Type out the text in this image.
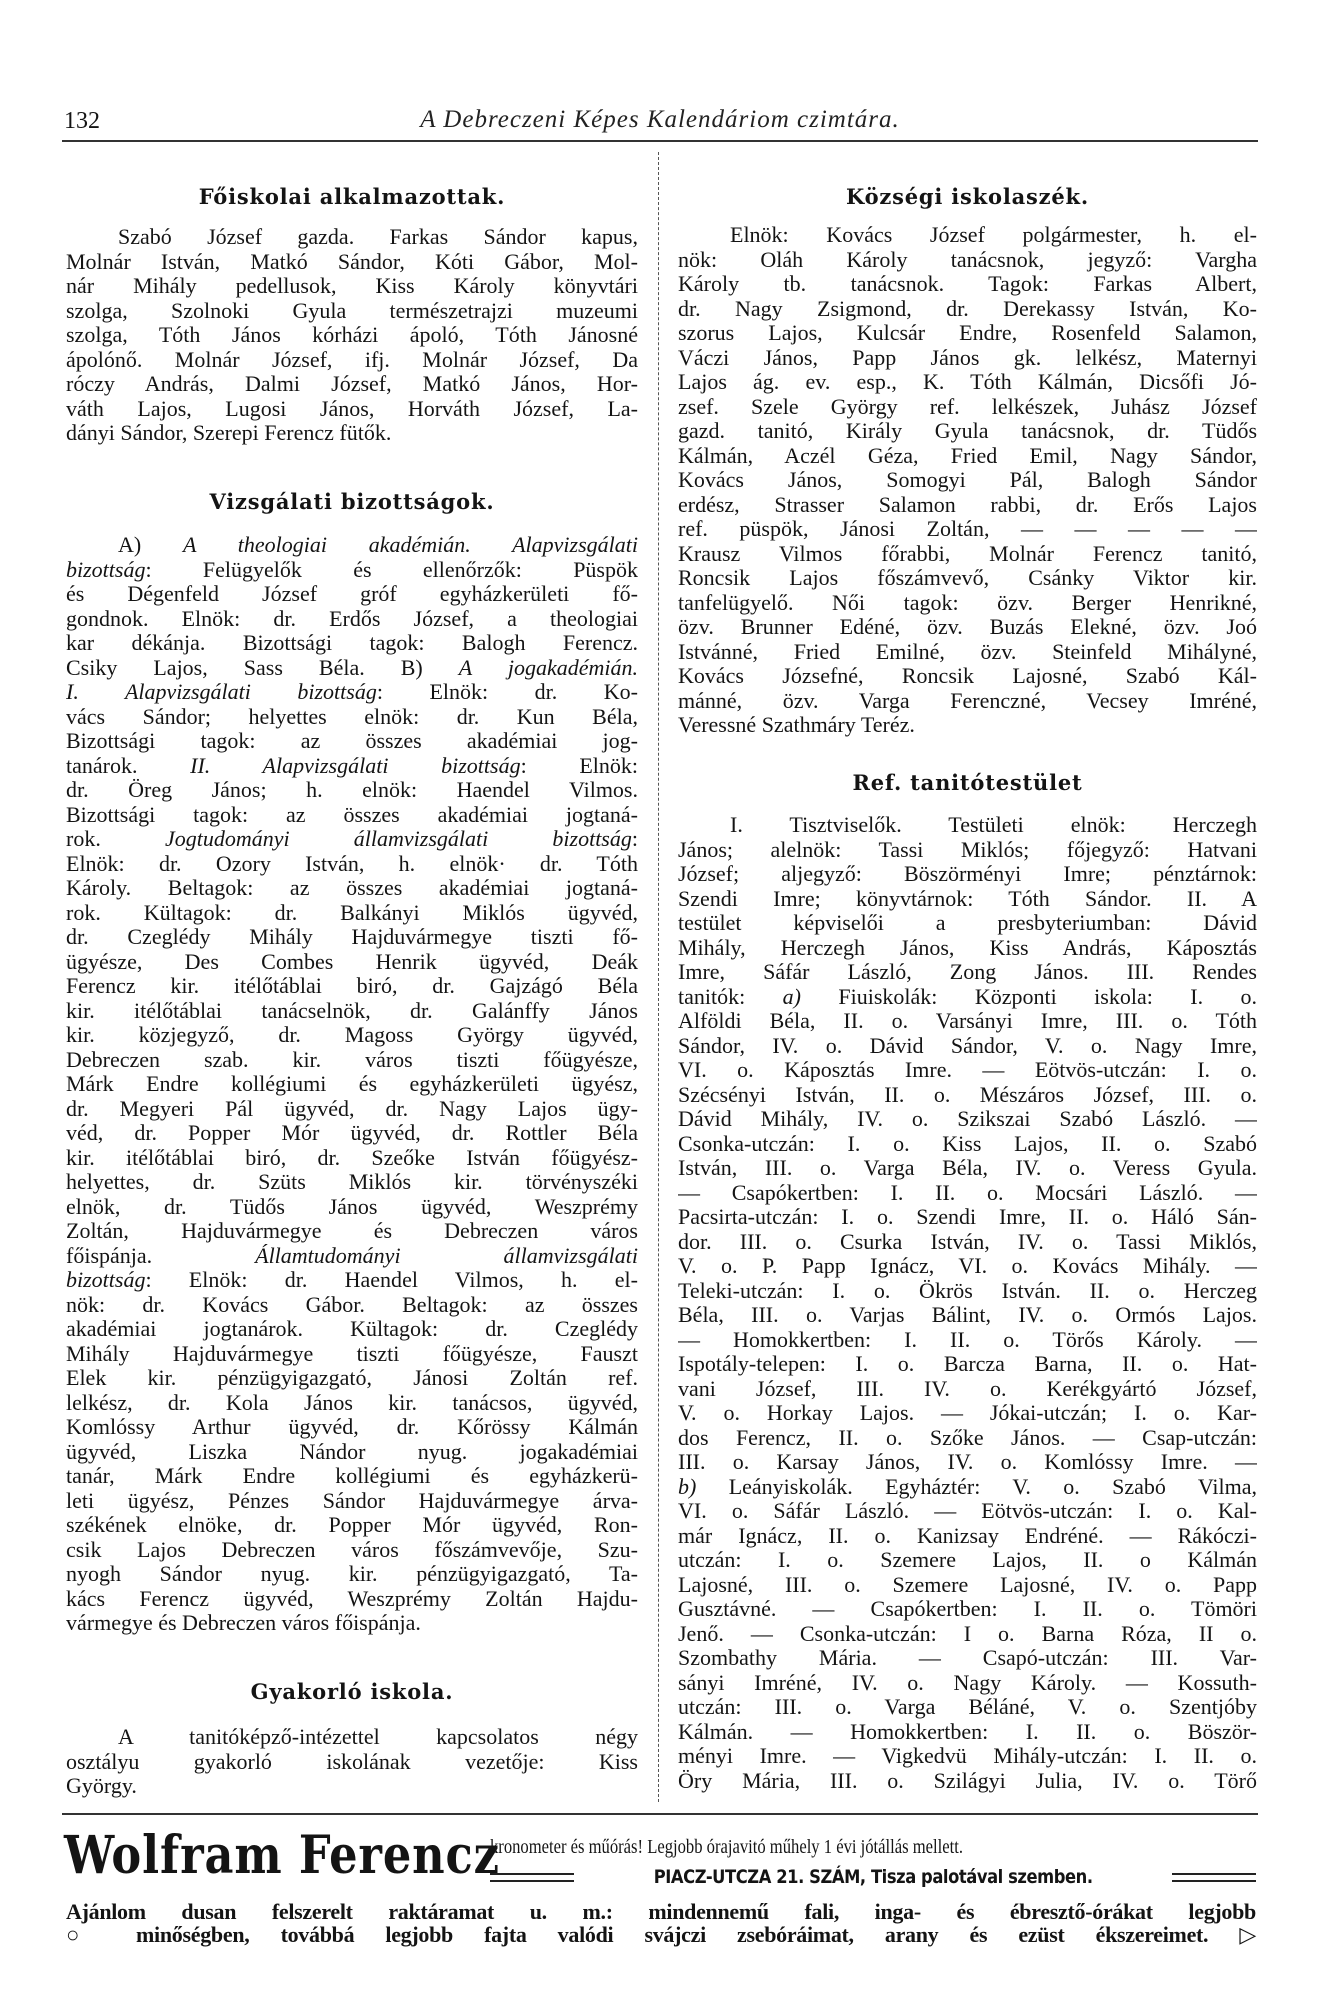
132	A Debreczeni Képes Kalendáriom czimtára.
Főiskolai alkalmazottak.
Szabó József gazda. Farkas Sándor kapus,
Molnár István, Matkó Sándor, Kóti Gábor, Mol-
nár Mihály pedellusok, Kiss Károly könyvtári
szolga, Szolnoki Gyula természetrajzi muzeumi
szolga, Tóth János kórházi ápoló, Tóth Jánosné
ápolónő. Molnár József, ifj. Molnár József, Da
róczy András, Dalmi József, Matkó János, Hor-
váth Lajos, Lugosi János, Horváth József, La-
dányi Sándor, Szerepi Ferencz fütők.
Vizsgálati bizottságok.
A) A theologiai akadémián. Alapvizsgálati
bizottság: Felügyelők és ellenőrzők: Püspök
és Dégenfeld József gróf egyházkerületi fő-
gondnok. Elnök: dr. Erdős József, a theologiai
kar dékánja. Bizottsági tagok: Balogh Ferencz.
Csiky Lajos, Sass Béla. B) A jogakadémián.
I. Alapvizsgálati bizottság: Elnök: dr. Ko-
vács Sándor; helyettes elnök: dr. Kun Béla,
Bizottsági tagok: az összes akadémiai jog-
tanárok. II. Alapvizsgálati bizottság: Elnök:
dr. Öreg János; h. elnök: Haendel Vilmos.
Bizottsági tagok: az összes akadémiai jogtaná-
rok. Jogtudományi államvizsgálati bizottság:
Elnök: dr. Ozory István, h. elnök· dr. Tóth
Károly. Beltagok: az összes akadémiai jogtaná-
rok. Kültagok: dr. Balkányi Miklós ügyvéd,
dr. Czeglédy Mihály Hajduvármegye tiszti fő-
ügyésze, Des Combes Henrik ügyvéd, Deák
Ferencz kir. itélőtáblai biró, dr. Gajzágó Béla
kir. itélőtáblai tanácselnök, dr. Galánffy János
kir. közjegyző, dr. Magoss György ügyvéd,
Debreczen szab. kir. város tiszti főügyésze,
Márk Endre kollégiumi és egyházkerületi ügyész,
dr. Megyeri Pál ügyvéd, dr. Nagy Lajos ügy-
véd, dr. Popper Mór ügyvéd, dr. Rottler Béla
kir. itélőtáblai biró, dr. Szeőke István főügyész-
helyettes, dr. Szüts Miklós kir. törvényszéki
elnök, dr. Tüdős János ügyvéd, Weszprémy
Zoltán, Hajduvármegye és Debreczen város
főispánja. Államtudományi államvizsgálati
bizottság: Elnök: dr. Haendel Vilmos, h. el-
nök: dr. Kovács Gábor. Beltagok: az összes
akadémiai jogtanárok. Kültagok: dr. Czeglédy
Mihály Hajduvármegye tiszti főügyésze, Fauszt
Elek kir. pénzügyigazgató, Jánosi Zoltán ref.
lelkész, dr. Kola János kir. tanácsos, ügyvéd,
Komlóssy Arthur ügyvéd, dr. Kőrössy Kálmán
ügyvéd, Liszka Nándor nyug. jogakadémiai
tanár, Márk Endre kollégiumi és egyházkerü-
leti ügyész, Pénzes Sándor Hajduvármegye árva-
székének elnöke, dr. Popper Mór ügyvéd, Ron-
csik Lajos Debreczen város főszámvevője, Szu-
nyogh Sándor nyug. kir. pénzügyigazgató, Ta-
kács Ferencz ügyvéd, Weszprémy Zoltán Hajdu-
vármegye és Debreczen város főispánja.
Gyakorló iskola.
A tanitóképző-intézettel kapcsolatos négy
osztályu gyakorló iskolának vezetője: Kiss
György.
Községi iskolaszék.
Elnök: Kovács József polgármester, h. el-
nök: Oláh Károly tanácsnok, jegyző: Vargha
Károly tb. tanácsnok. Tagok: Farkas Albert,
dr. Nagy Zsigmond, dr. Derekassy István, Ko-
szorus Lajos, Kulcsár Endre, Rosenfeld Salamon,
Váczi János, Papp János gk. lelkész, Maternyi
Lajos ág. ev. esp., K. Tóth Kálmán, Dicsőfi Jó-
zsef. Szele György ref. lelkészek, Juhász József
gazd. tanitó, Király Gyula tanácsnok, dr. Tüdős
Kálmán, Aczél Géza, Fried Emil, Nagy Sándor,
Kovács János, Somogyi Pál, Balogh Sándor
erdész, Strasser Salamon rabbi, dr. Erős Lajos
ref. püspök, Jánosi Zoltán, — — — — —
Krausz Vilmos főrabbi, Molnár Ferencz tanitó,
Roncsik Lajos főszámvevő, Csánky Viktor kir.
tanfelügyelő. Női tagok: özv. Berger Henrikné,
özv. Brunner Edéné, özv. Buzás Elekné, özv. Joó
Istvánné, Fried Emilné, özv. Steinfeld Mihályné,
Kovács Józsefné, Roncsik Lajosné, Szabó Kál-
mánné, özv. Varga Ferenczné, Vecsey Imréné,
Veressné Szathmáry Teréz.
Ref. tanitótestület
I. Tisztviselők. Testületi elnök: Herczegh
János; alelnök: Tassi Miklós; főjegyző: Hatvani
József; aljegyző: Böszörményi Imre; pénztárnok:
Szendi Imre; könyvtárnok: Tóth Sándor. II. A
testület képviselői a presbyteriumban: Dávid
Mihály, Herczegh János, Kiss András, Káposztás
Imre, Sáfár László, Zong János. III. Rendes
tanitók: a) Fiuiskolák: Központi iskola: I. o.
Alföldi Béla, II. o. Varsányi Imre, III. o. Tóth
Sándor, IV. o. Dávid Sándor, V. o. Nagy Imre,
VI. o. Káposztás Imre. — Eötvös-utczán: I. o.
Szécsényi István, II. o. Mészáros József, III. o.
Dávid Mihály, IV. o. Szikszai Szabó László. —
Csonka-utczán: I. o. Kiss Lajos, II. o. Szabó
István, III. o. Varga Béla, IV. o. Veress Gyula.
— Csapókertben: I. II. o. Mocsári László. —
Pacsirta-utczán: I. o. Szendi Imre, II. o. Háló Sán-
dor. III. o. Csurka István, IV. o. Tassi Miklós,
V. o. P. Papp Ignácz, VI. o. Kovács Mihály. —
Teleki-utczán: I. o. Ökrös István. II. o. Herczeg
Béla, III. o. Varjas Bálint, IV. o. Ormós Lajos.
— Homokkertben: I. II. o. Törős Károly. —
Ispotály-telepen: I. o. Barcza Barna, II. o. Hat-
vani József, III. IV. o. Kerékgyártó József,
V. o. Horkay Lajos. — Jókai-utczán; I. o. Kar-
dos Ferencz, II. o. Szőke János. — Csap-utczán:
III. o. Karsay János, IV. o. Komlóssy Imre. —
b) Leányiskolák. Egyháztér: V. o. Szabó Vilma,
VI. o. Sáfár László. — Eötvös-utczán: I. o. Kal-
már Ignácz, II. o. Kanizsay Endréné. — Rákóczi-
utczán: I. o. Szemere Lajos, II. o Kálmán
Lajosné, III. o. Szemere Lajosné, IV. o. Papp
Gusztávné. — Csapókertben: I. II. o. Tömöri
Jenő. — Csonka-utczán: I o. Barna Róza, II o.
Szombathy Mária. — Csapó-utczán: III. Var-
sányi Imréné, IV. o. Nagy Károly. — Kossuth-
utczán: III. o. Varga Béláné, V. o. Szentjóby
Kálmán. — Homokkertben: I. II. o. Böször-
ményi Imre. — Vigkedvü Mihály-utczán: I. II. o.
Öry Mária, III. o. Szilágyi Julia, IV. o. Törő
Wolfram Ferencz
kronometer és műórás! Legjobb órajavitó műhely 1 évi jótállás mellett.
PIACZ-UTCZA 21. SZÁM, Tisza palotával szemben.
Ajánlom dusan felszerelt raktáramat u. m.: mindennemű fali, inga- és ébresztő-órákat legjobb
○ minőségben, továbbá legjobb fajta valódi svájczi zsebóráimat, arany és ezüst ékszereimet. ▷
